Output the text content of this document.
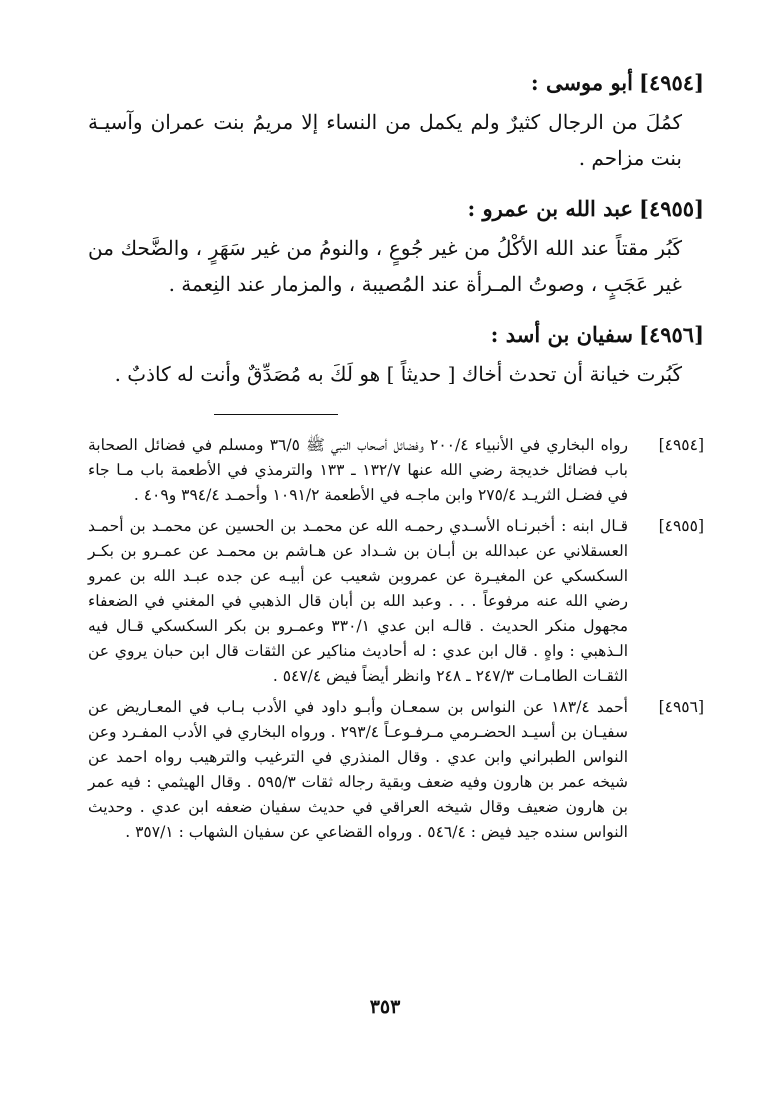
[٤٩٥٤]أبو موسى :

كمُلَ من الرجال كثيرٌ ولم يكمل من النساء إلا مريمُ بنت عمران وآسيـة بنت مزاحم .

[٤٩٥٥]عبد الله بن عمرو :

كَبُر مقتاً عند الله الأكْلُ من غير جُوعٍ ، والنومُ من غير سَهَرٍ ، والضَّحك من غير عَجَبٍ ، وصوتُ المـرأة عند المُصيبة ، والمزمار عند النِعمة .

[٤٩٥٦]سفيان بن أسد :

كَبُرت خيانة أن تحدث أخاك [ حديثاً ] هو لَكَ به مُصَدِّقٌ وأنت له كاذبٌ .

[٤٩٥٤]
رواه البخاري في الأنبياء ٢٠٠/٤ وفضائل أصحاب النبي ﷺ ٣٦/٥ ومسلم في فضائل الصحابة باب فضائل خديجة رضي الله عنها ١٣٢/٧ ـ ١٣٣ والترمذي في الأطعمة باب مـا جاء في فضـل الثريـد ٢٧٥/٤ وابن ماجـه في الأطعمة ١٠٩١/٢ وأحمـد ٣٩٤/٤ و٤٠٩ .
[٤٩٥٥]
قـال ابنه : أخبرنـاه الأسـدي رحمـه الله عن محمـد بن الحسين عن محمـد بن أحمـد العسقلاني عن عبدالله بن أبـان بن شـداد عن هـاشم بن محمـد عن عمـرو بن بكـر السكسكي عن المغيـرة عن عمروبن شعيب عن أبيـه عن جده عبـد الله بن عمرو رضي الله عنه مرفوعاً . . . وعبد الله بن أبان قال الذهبي في المغني في الضعفاء مجهول منكر الحديث . قالـه ابن عدي ٣٣٠/١ وعمـرو بن بكر السكسكي قـال فيه الـذهبي : واهٍ . قال ابن عدي : له أحاديث مناكير عن الثقات قال ابن حبان يروي عن الثقـات الطامـات ٢٤٧/٣ ـ ٢٤٨ وانظر أيضاً فيض ٥٤٧/٤ .
[٤٩٥٦]
أحمد ١٨٣/٤ عن النواس بن سمعـان وأبـو داود في الأدب بـاب في المعـاريض عن سفيـان بن أسيـد الحضـرمي مـرفـوعـاً ٢٩٣/٤ . ورواه البخاري في الأدب المفـرد وعن النواس الطبراني وابن عدي . وقال المنذري في الترغيب والترهيب رواه احمد عن شيخه عمر بن هارون وفيه ضعف وبقية رجاله ثقات ٥٩٥/٣ . وقال الهيثمي : فيه عمر بن هارون ضعيف وقال شيخه العراقي في حديث سفيان ضعفه ابن عدي . وحديث النواس سنده جيد فيض : ٥٤٦/٤ . ورواه القضاعي عن سفيان الشهاب : ٣٥٧/١ .
٣٥٣
